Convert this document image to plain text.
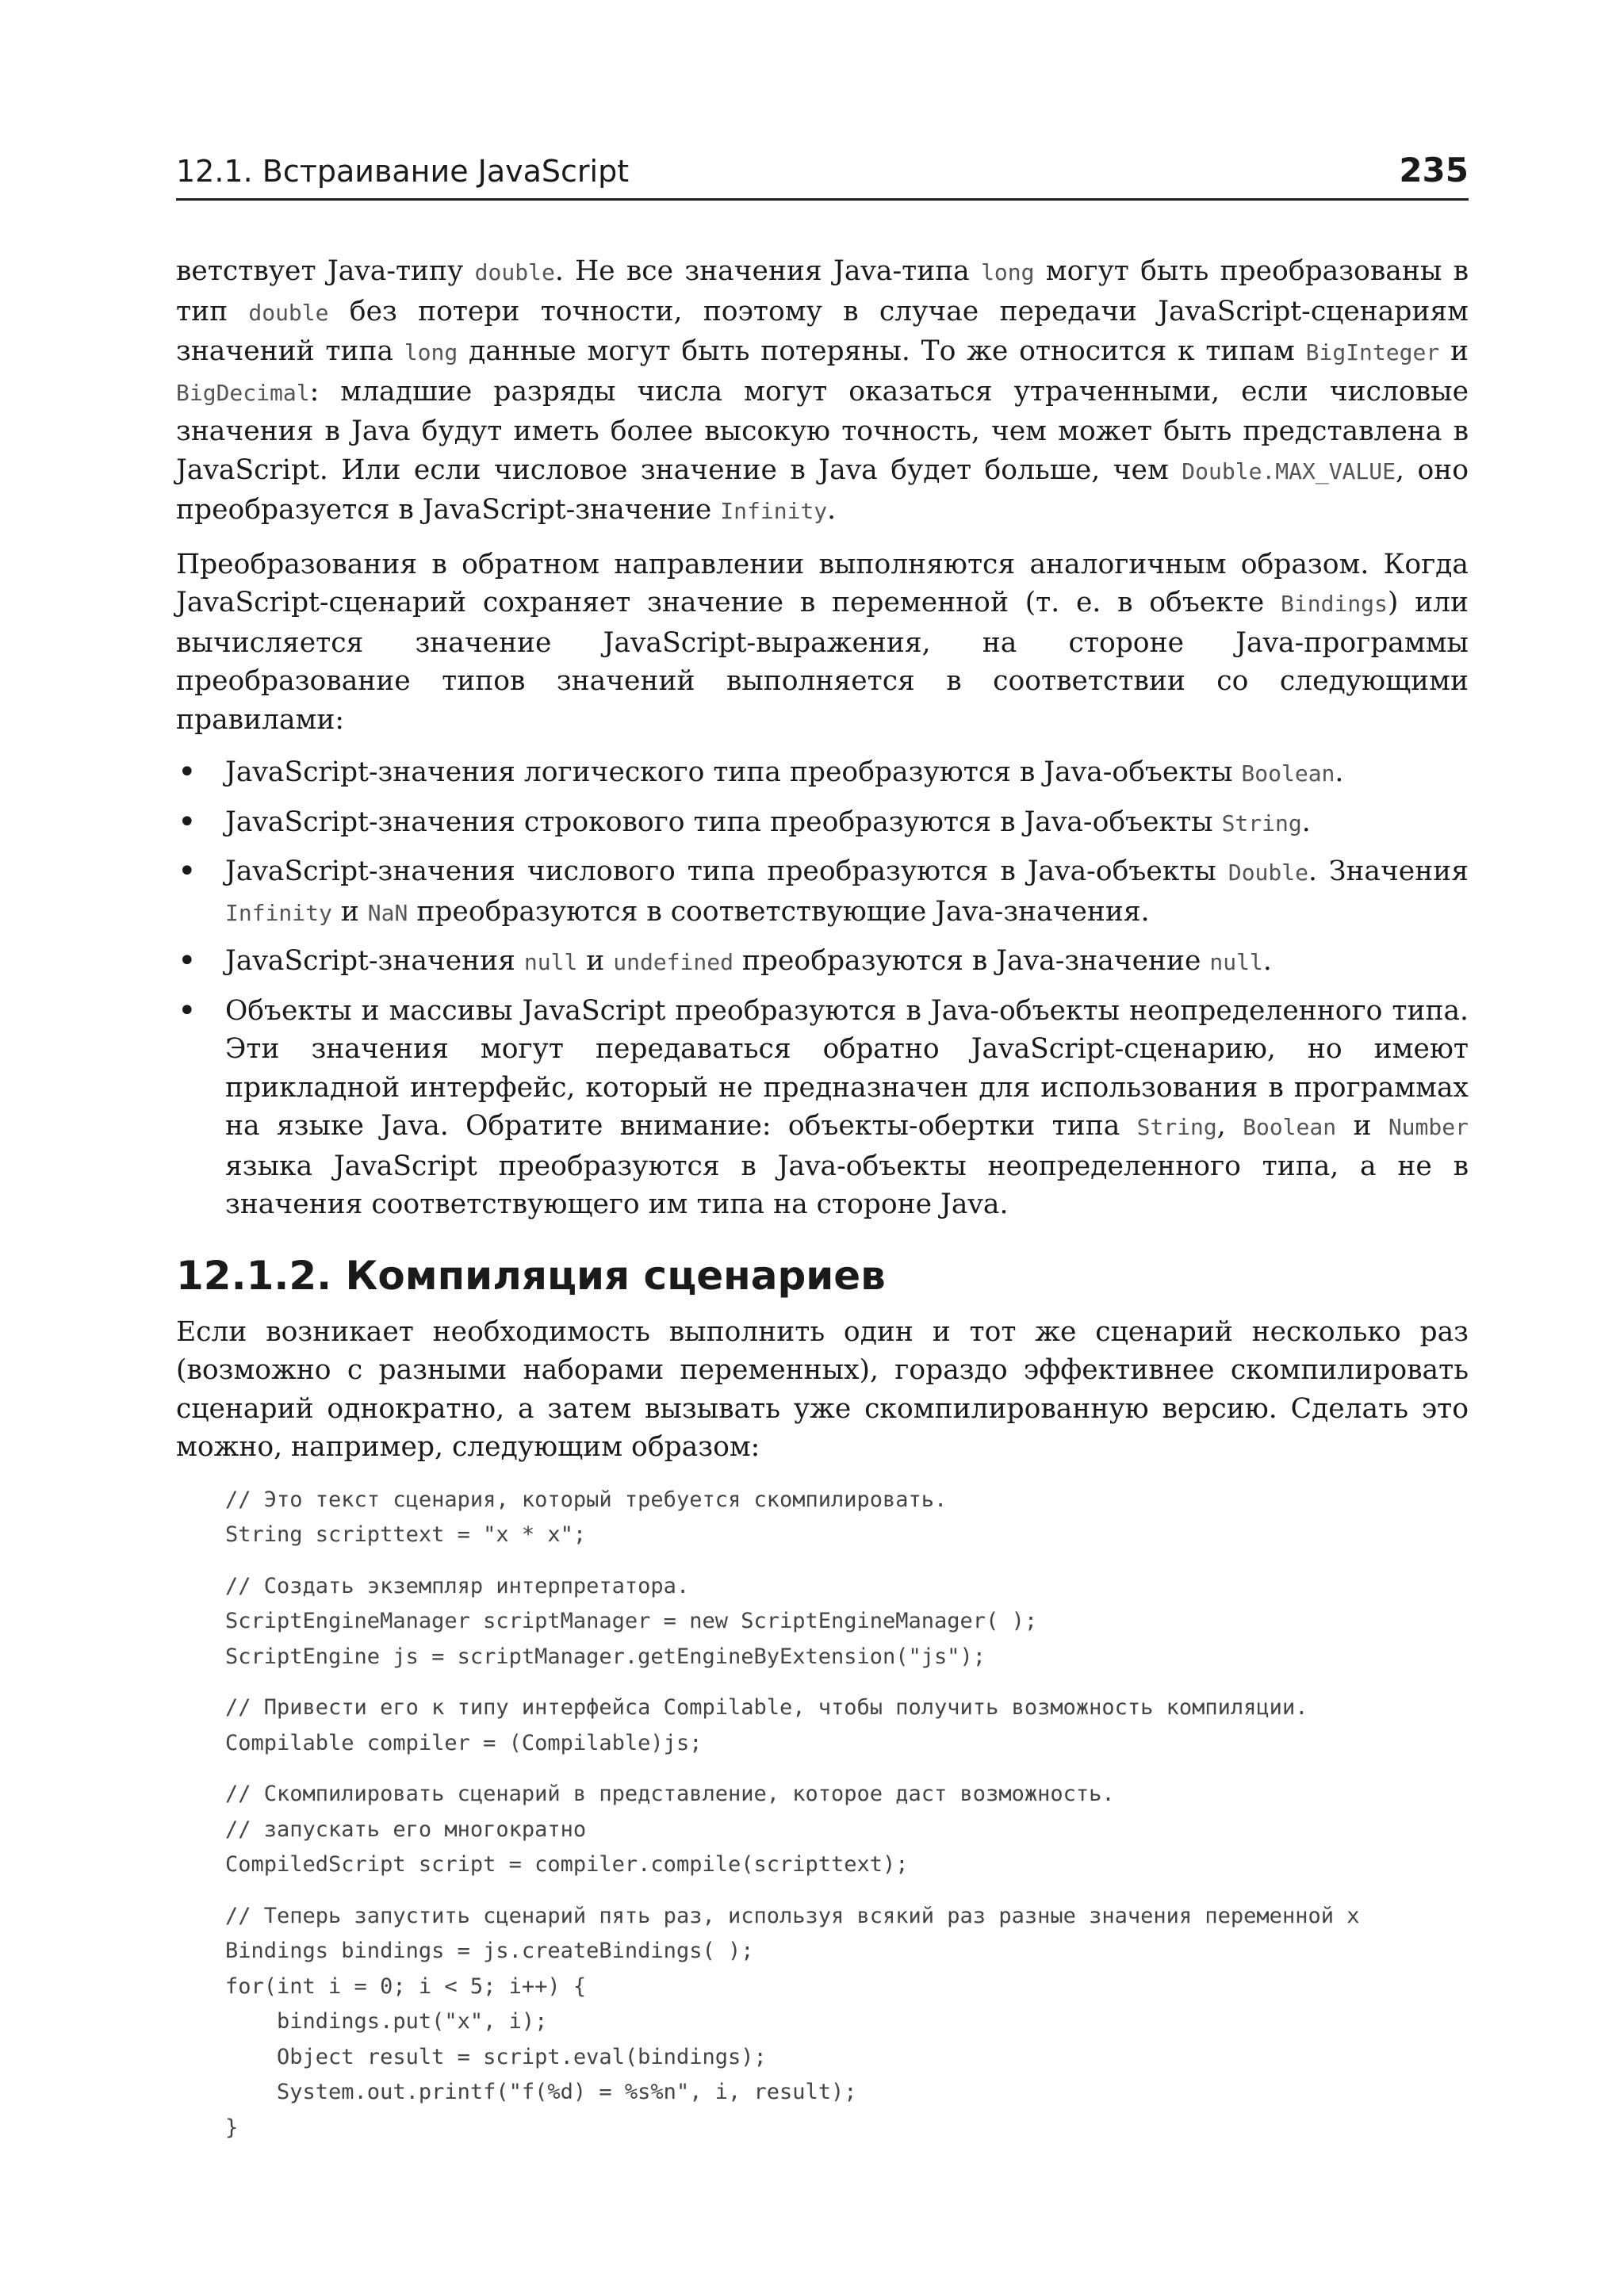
12.1. Встраивание JavaScript	235

ветствует Java-типу double. Не все значения Java-типа long могут быть преобразованы в тип double без потери точности, поэтому в случае передачи JavaScript-сценариям значений типа long данные могут быть потеряны. То же относится к типам BigInteger и BigDecimal: младшие разряды числа могут оказаться утраченными, если числовые значения в Java будут иметь более высокую точность, чем может быть представлена в JavaScript. Или если числовое значение в Java будет больше, чем Double.MAX_VALUE, оно преобразуется в JavaScript-значение Infinity.

Преобразования в обратном направлении выполняются аналогичным образом. Когда JavaScript-сценарий сохраняет значение в переменной (т. е. в объекте Bindings) или вычисляется значение JavaScript-выражения, на стороне Java-программы преобразование типов значений выполняется в соответствии со следующими правилами:

• JavaScript-значения логического типа преобразуются в Java-объекты Boolean.
• JavaScript-значения строкового типа преобразуются в Java-объекты String.
• JavaScript-значения числового типа преобразуются в Java-объекты Double. Значения Infinity и NaN преобразуются в соответствующие Java-значения.
• JavaScript-значения null и undefined преобразуются в Java-значение null.
• Объекты и массивы JavaScript преобразуются в Java-объекты неопределенного типа. Эти значения могут передаваться обратно JavaScript-сценарию, но имеют прикладной интерфейс, который не предназначен для использования в программах на языке Java. Обратите внимание: объекты-обертки типа String, Boolean и Number языка JavaScript преобразуются в Java-объекты неопределенного типа, а не в значения соответствующего им типа на стороне Java.
12.1.2. Компиляция сценариев

Если возникает необходимость выполнить один и тот же сценарий несколько раз (возможно с разными наборами переменных), гораздо эффективнее скомпилировать сценарий однократно, а затем вызывать уже скомпилированную версию. Сделать это можно, например, следующим образом:

// Это текст сценария, который требуется скомпилировать.
String scripttext = "x * x";
// Создать экземпляр интерпретатора.
ScriptEngineManager scriptManager = new ScriptEngineManager( );
ScriptEngine js = scriptManager.getEngineByExtension("js");
// Привести его к типу интерфейса Compilable, чтобы получить возможность компиляции.
Compilable compiler = (Compilable)js;
// Скомпилировать сценарий в представление, которое даст возможность.
// запускать его многократно
CompiledScript script = compiler.compile(scripttext);
// Теперь запустить сценарий пять раз, используя всякий раз разные значения переменной x
Bindings bindings = js.createBindings( );
for(int i = 0; i < 5; i++) {
bindings.put("x", i);
Object result = script.eval(bindings);
System.out.printf("f(%d) = %s%n", i, result);
}
